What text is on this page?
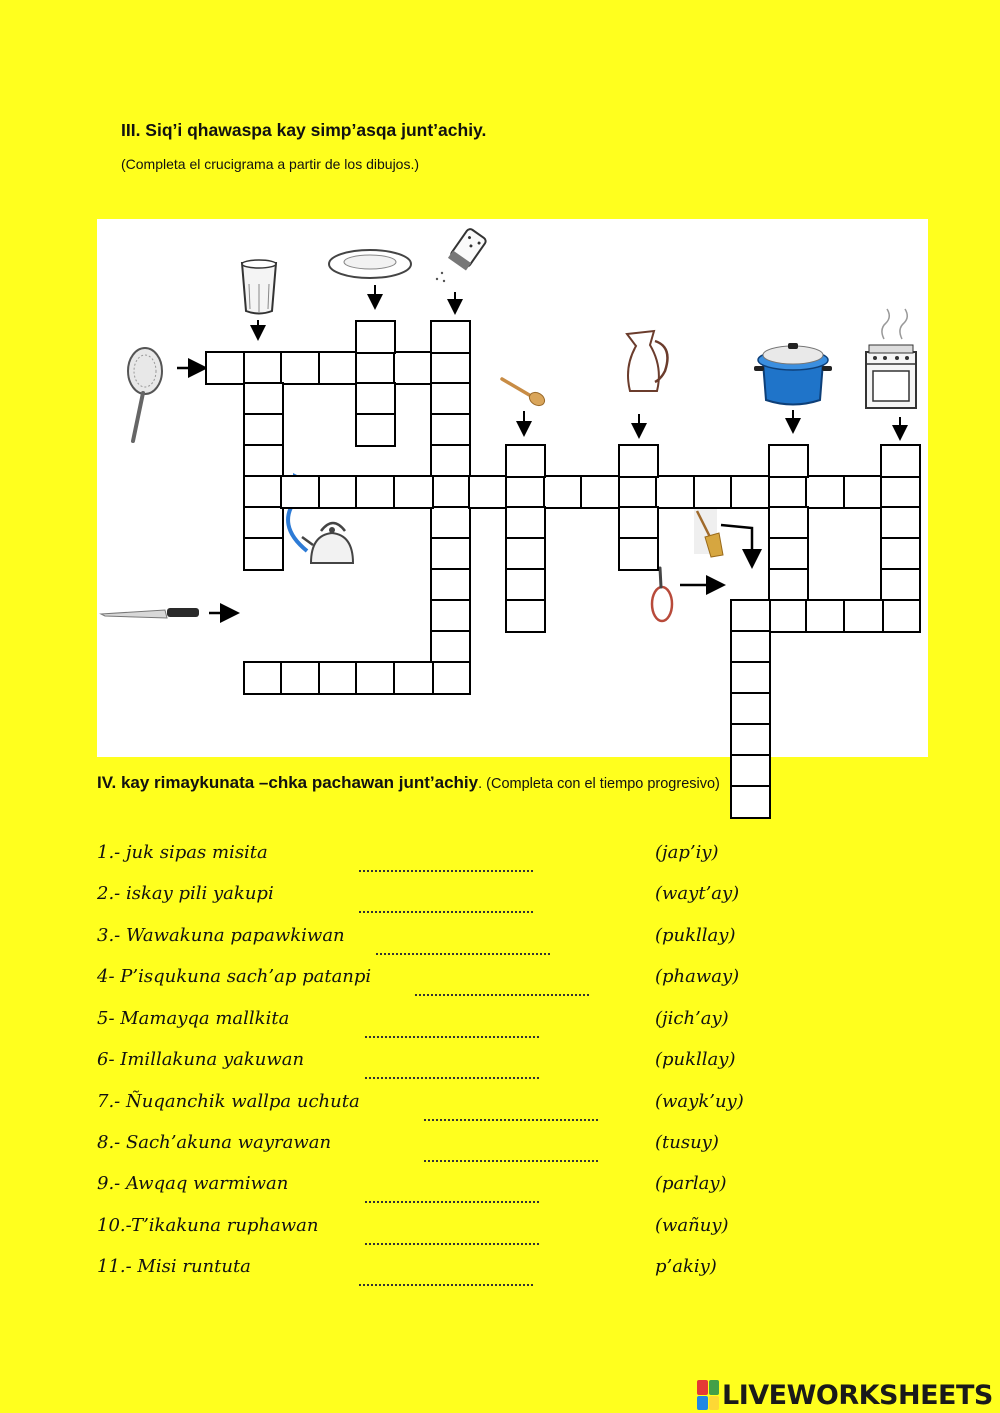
III. Siq’i qhawaspa kay simp’asqa junt’achiy.
(Completa el crucigrama a partir de los dibujos.)
IV. kay rimaykunata –chka pachawan junt’achiy. (Completa con el tiempo progresivo)
1.- juk sipas misita	(jap’iy)
2.- iskay pili yakupi	(wayt’ay)
3.- Wawakuna papawkiwan	(pukllay)
4- P’isqukuna sach’ap patanpi	(phaway)
5- Mamayqa mallkita	(jich’ay)
6- Imillakuna yakuwan	(pukllay)
7.- Ñuqanchik wallpa uchuta	(wayk’uy)
8.- Sach’akuna wayrawan	(tusuy)
9.- Awqaq warmiwan	(parlay)
10.-T’ikakuna ruphawan	(wañuy)
11.- Misi runtuta	p’akiy)
LIVEWORKSHEETS
